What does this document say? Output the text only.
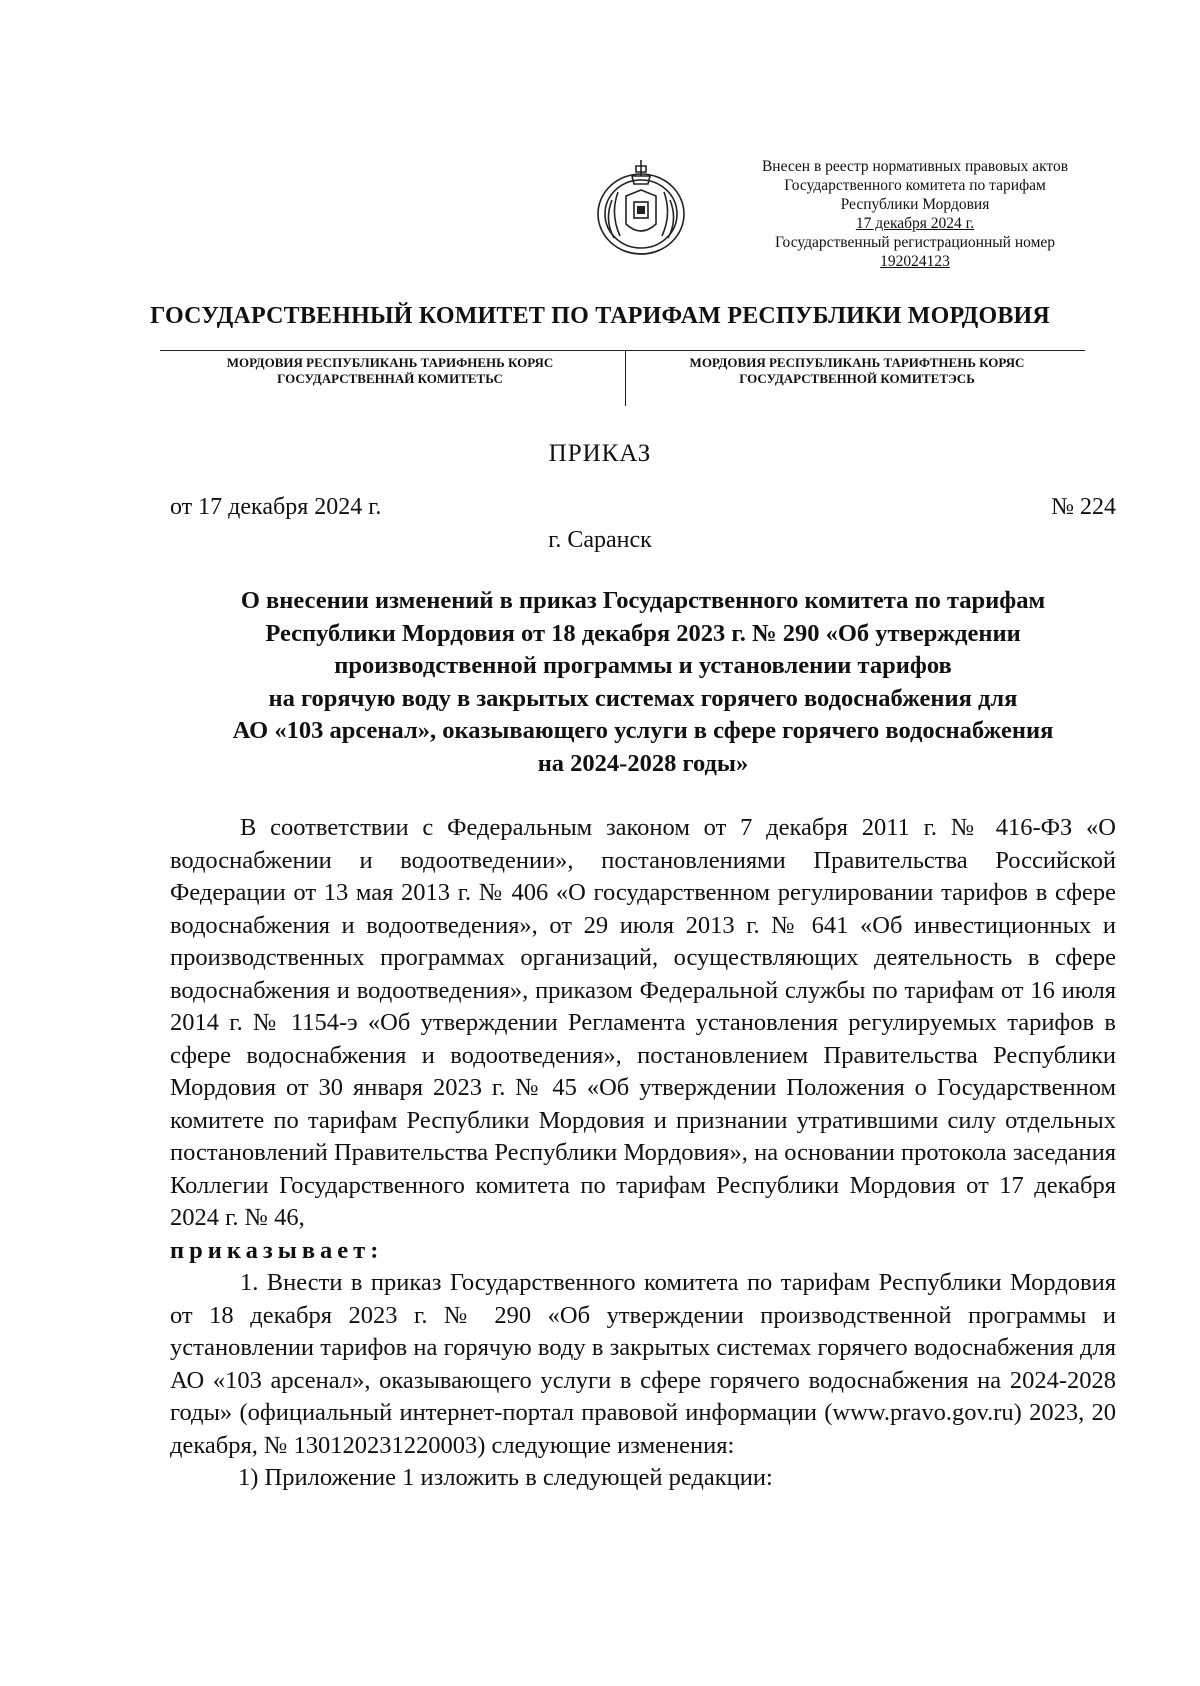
Внесен в реестр нормативных правовых актов
Государственного комитета по тарифам
Республики Мордовия
17 декабря 2024 г.
Государственный регистрационный номер
192024123
ГОСУДАРСТВЕННЫЙ КОМИТЕТ ПО ТАРИФАМ РЕСПУБЛИКИ МОРДОВИЯ
МОРДОВИЯ РЕСПУБЛИКАНЬ ТАРИФНЕНЬ КОРЯС
ГОСУДАРСТВЕННАЙ КОМИТЕТЬС
МОРДОВИЯ РЕСПУБЛИКАНЬ ТАРИФТНЕНЬ КОРЯС
ГОСУДАРСТВЕННОЙ КОМИТЕТЭСЬ
ПРИКАЗ
от 17 декабря 2024 г.	№ 224
г. Саранск
О внесении изменений в приказ Государственного комитета по тарифам
Республики Мордовия от 18 декабря 2023 г. № 290 «Об утверждении
производственной программы и установлении тарифов
на горячую воду в закрытых системах горячего водоснабжения для
АО «103 арсенал», оказывающего услуги в сфере горячего водоснабжения
на 2024-2028 годы»

В соответствии с Федеральным законом от 7 декабря 2011 г. № 416-ФЗ «О водоснабжении и водоотведении», постановлениями Правительства Российской Федерации от 13 мая 2013 г. № 406 «О государственном регулировании тарифов в сфере водоснабжения и водоотведения», от 29 июля 2013 г. № 641 «Об инвестиционных и производственных программах организаций, осуществляющих деятельность в сфере водоснабжения и водоотведения», приказом Федеральной службы по тарифам от 16 июля 2014 г. № 1154-э «Об утверждении Регламента установления регулируемых тарифов в сфере водоснабжения и водоотведения», постановлением Правительства Республики Мордовия от 30 января 2023 г. № 45 «Об утверждении Положения о Государственном комитете по тарифам Республики Мордовия и признании утратившими силу отдельных постановлений Правительства Республики Мордовия», на основании протокола заседания Коллегии Государственного комитета по тарифам Республики Мордовия от 17 декабря 2024 г. № 46,

приказывает:

1. Внести в приказ Государственного комитета по тарифам Республики Мордовия от 18 декабря 2023 г. № 290 «Об утверждении производственной программы и установлении тарифов на горячую воду в закрытых системах горячего водоснабжения для АО «103 арсенал», оказывающего услуги в сфере горячего водоснабжения на 2024-2028 годы» (официальный интернет-портал правовой информации (www.pravo.gov.ru) 2023, 20 декабря, № 130120231220003) следующие изменения:

1) Приложение 1 изложить в следующей редакции:
